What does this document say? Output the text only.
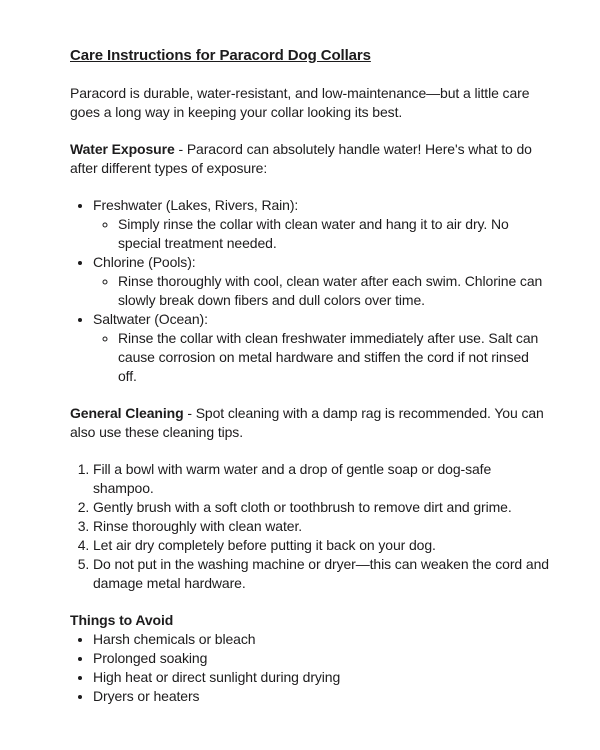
Care Instructions for Paracord Dog Collars

Paracord is durable, water-resistant, and low-maintenance—but a little care goes a long way in keeping your collar looking its best.

Water Exposure - Paracord can absolutely handle water! Here's what to do after different types of exposure:

• Freshwater (Lakes, Rivers, Rain):
◦ Simply rinse the collar with clean water and hang it to air dry. No special treatment needed.
• Chlorine (Pools):
◦ Rinse thoroughly with cool, clean water after each swim. Chlorine can slowly break down fibers and dull colors over time.
• Saltwater (Ocean):
◦ Rinse the collar with clean freshwater immediately after use. Salt can cause corrosion on metal hardware and stiffen the cord if not rinsed off.

General Cleaning - Spot cleaning with a damp rag is recommended. You can also use these cleaning tips.

1. Fill a bowl with warm water and a drop of gentle soap or dog-safe shampoo.
2. Gently brush with a soft cloth or toothbrush to remove dirt and grime.
3. Rinse thoroughly with clean water.
4. Let air dry completely before putting it back on your dog.
5. Do not put in the washing machine or dryer—this can weaken the cord and damage metal hardware.

Things to Avoid

• Harsh chemicals or bleach
• Prolonged soaking
• High heat or direct sunlight during drying
• Dryers or heaters
